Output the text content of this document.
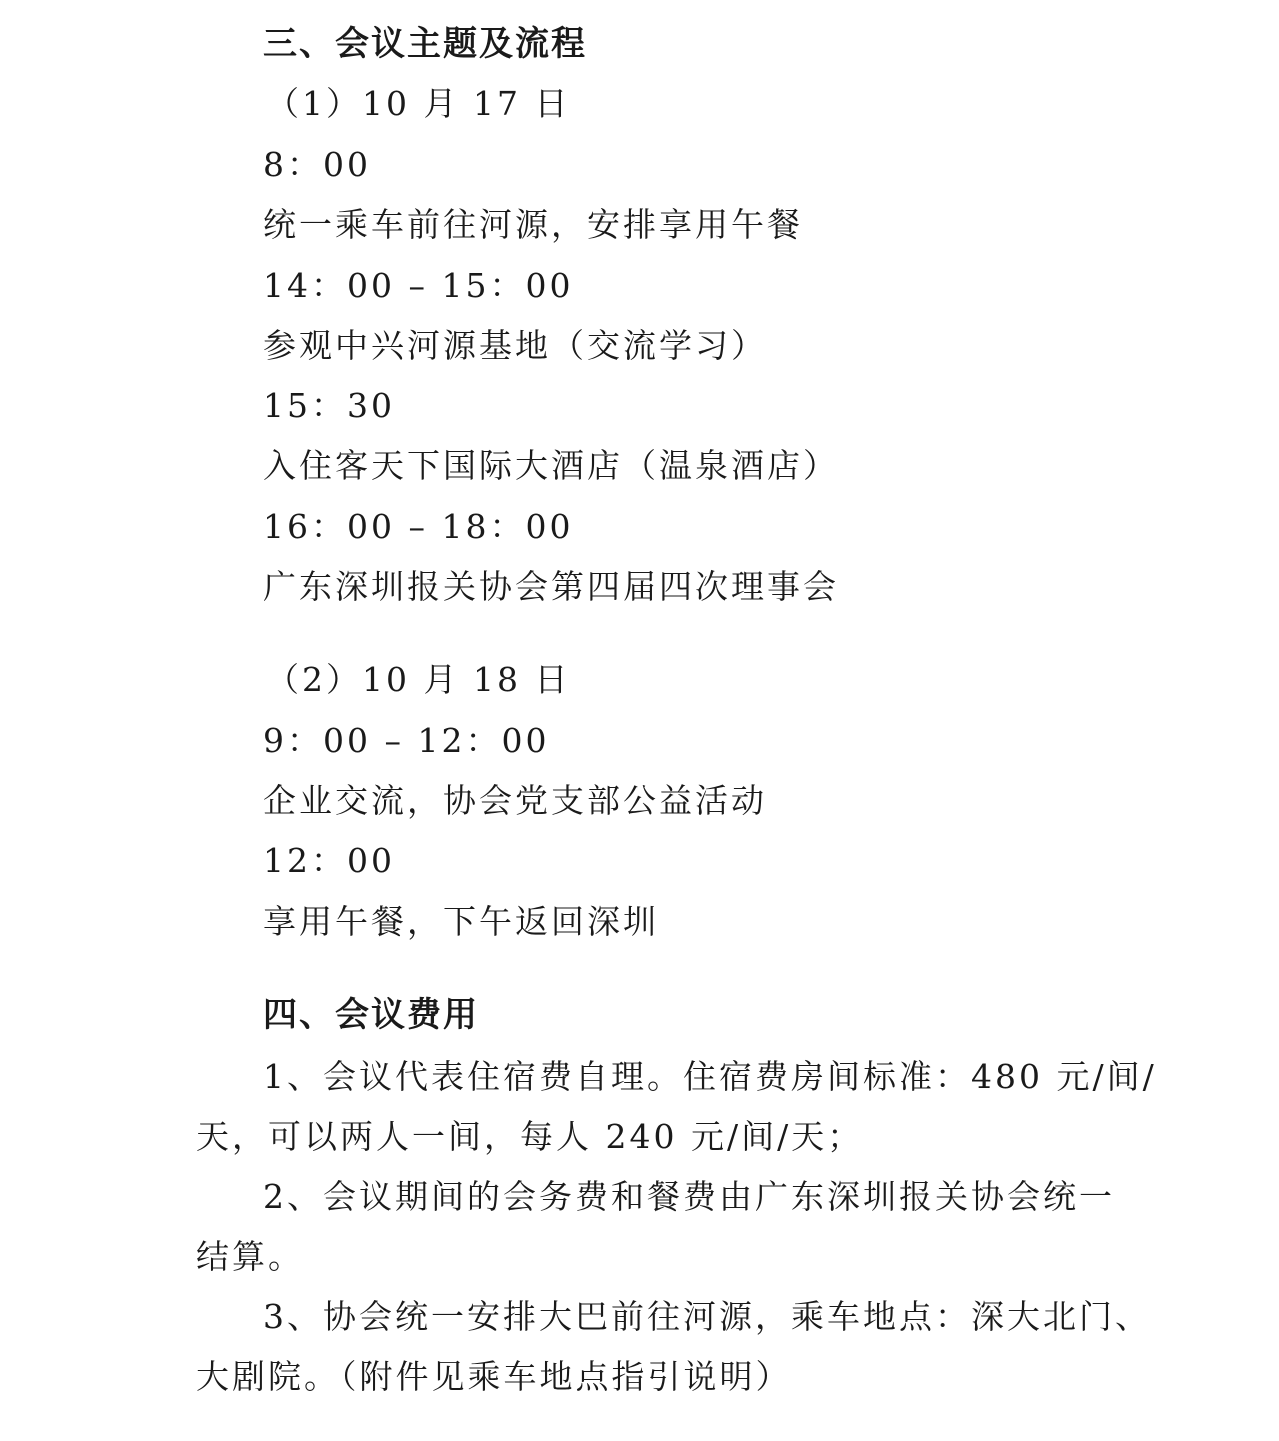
三、会议主题及流程
（1）10 月 17 日
8：00
统一乘车前往河源，安排享用午餐
14：00 – 15：00
参观中兴河源基地（交流学习）
15：30
入住客天下国际大酒店（温泉酒店）
16：00 – 18：00
广东深圳报关协会第四届四次理事会
（2）10 月 18 日
9：00 – 12：00
企业交流，协会党支部公益活动
12：00
享用午餐，下午返回深圳
四、会议费用
1、会议代表住宿费自理。住宿费房间标准：480 元/间/
天，可以两人一间，每人 240 元/间/天；
2、会议期间的会务费和餐费由广东深圳报关协会统一
结算。
3、协会统一安排大巴前往河源，乘车地点：深大北门、
大剧院。（附件见乘车地点指引说明）
